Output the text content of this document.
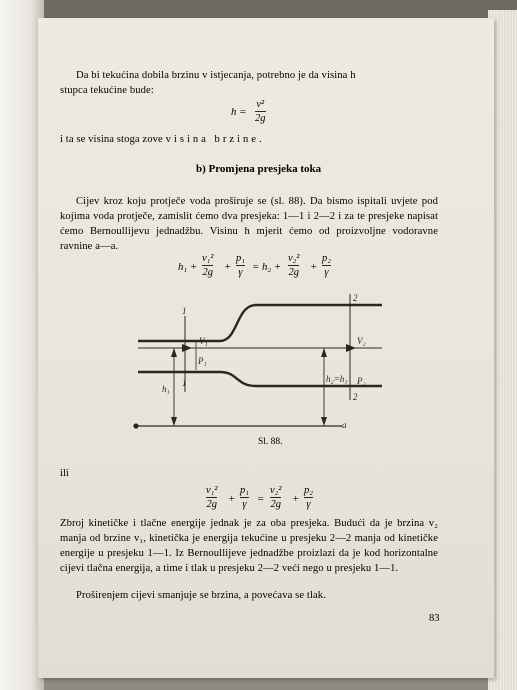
Da bi tekućina dobila brzinu v istjecanja, potrebno je da visina h
stupca tekućine bude:
h =
v²
2g
i ta se visina stoga zove visina brzine.
b) Promjena presjeka toka
Cijev kroz koju protječe voda proširuje se (sl. 88). Da bismo ispitali uvjete pod kojima voda protječe, zamislit ćemo dva presjeka: 1—1 i 2—2 i za te presjeke napisat ćemo Bernoullijevu jednadžbu. Visinu h mjerit ćemo od proizvoljne vodoravne ravnine a—a.
h₁ +
v₁²
2g +
p₁
γ = h₂ +
v₂²
2g +
p₂
γ
1
1
2
2
V₁	V₂
P₁
P₂
h₁
h₂=h₁
a
Sl. 88.
ili
v₁²
2g +
p₁
γ =
v₂²
2g +
p₂
γ
Zbroj kinetičke i tlačne energije jednak je za oba presjeka. Budući da je brzina v₂ manja od brzine v₁, kinetička je energija tekućine u presjeku 2—2 manja od kinetičke energije u presjeku 1—1. Iz Bernoullijeve jednadžbe proizlazi da je kod horizontalne cijevi tlačna energija, a time i tlak u presjeku 2—2 veći nego u presjeku 1—1.
Proširenjem cijevi smanjuje se brzina, a povećava se tlak.
83
